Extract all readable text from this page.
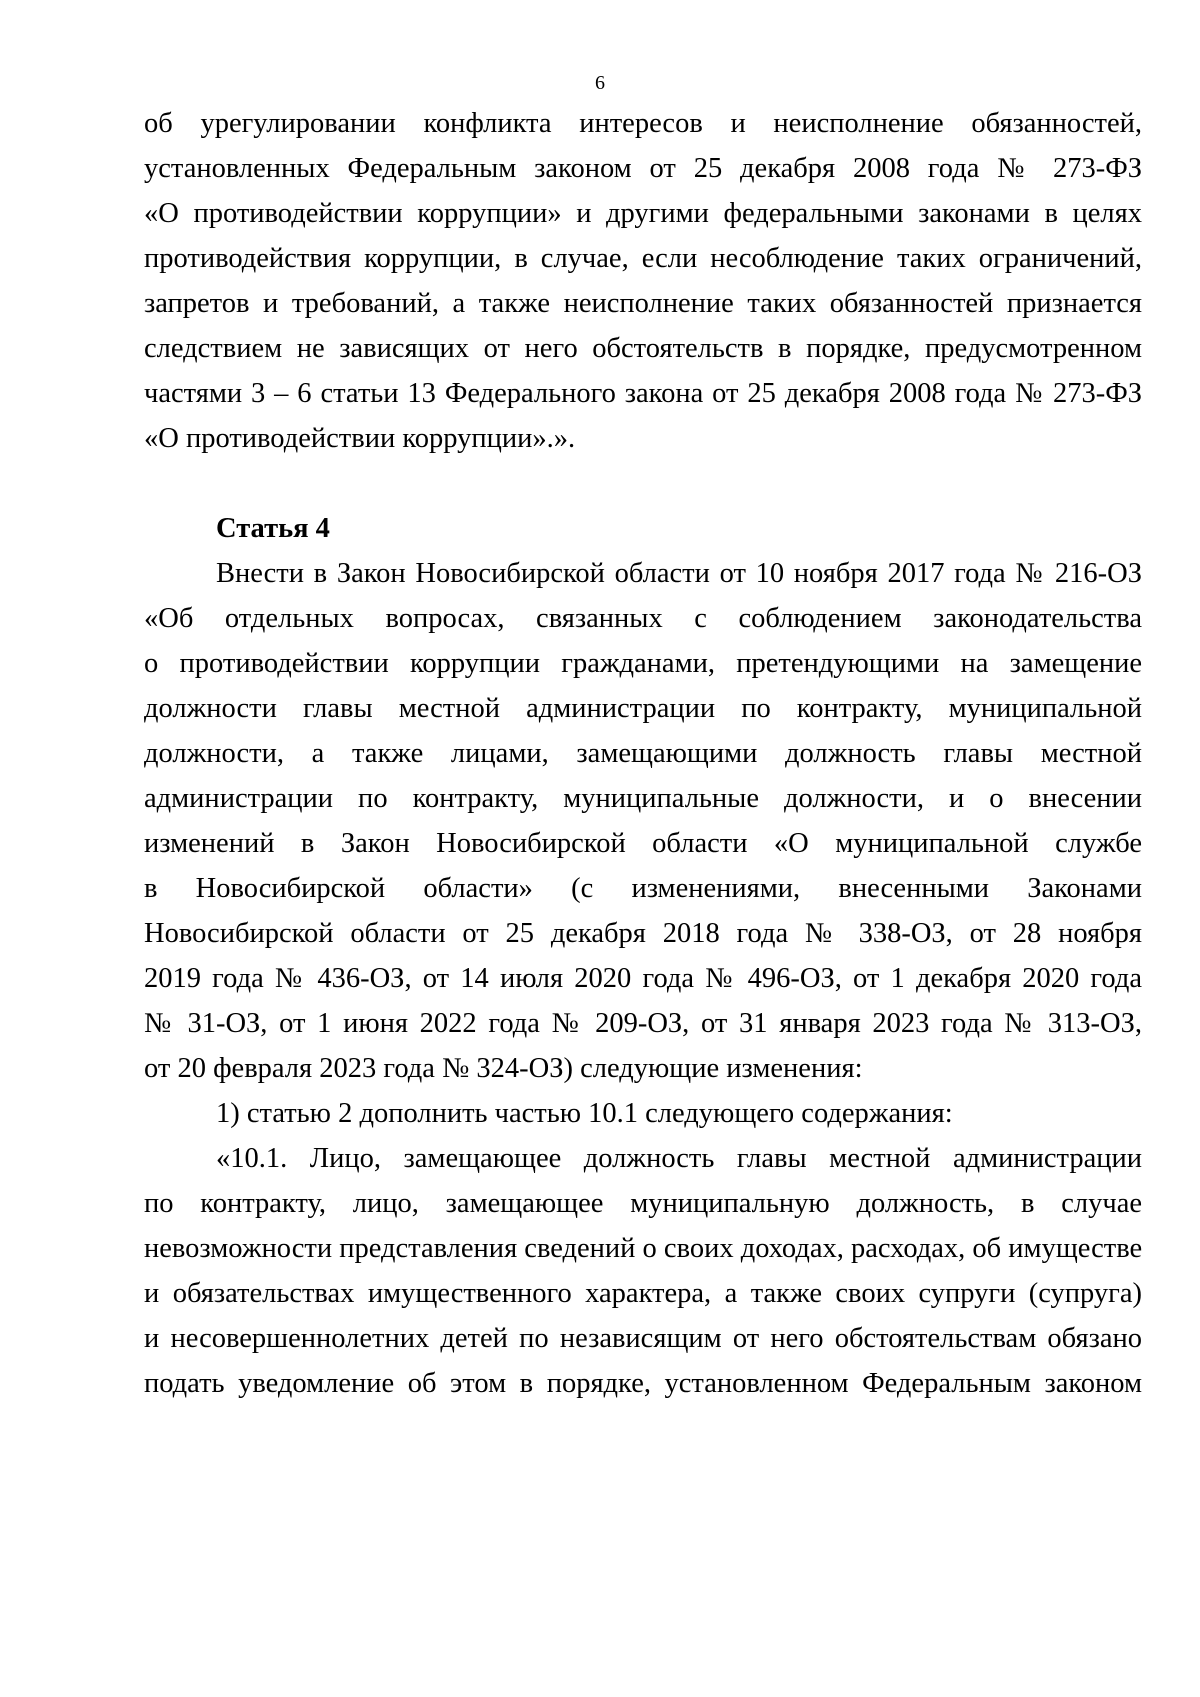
6
об урегулировании конфликта интересов и неисполнение обязанностей,
установленных Федеральным законом от 25 декабря 2008 года № 273-ФЗ
«О противодействии коррупции» и другими федеральными законами в целях
противодействия коррупции, в случае, если несоблюдение таких ограничений,
запретов и требований, а также неисполнение таких обязанностей признается
следствием не зависящих от него обстоятельств в порядке, предусмотренном
частями 3 – 6 статьи 13 Федерального закона от 25 декабря 2008 года № 273-ФЗ
«О противодействии коррупции».».
Статья 4
Внести в Закон Новосибирской области от 10 ноября 2017 года № 216-ОЗ
«Об отдельных вопросах, связанных с соблюдением законодательства
о противодействии коррупции гражданами, претендующими на замещение
должности главы местной администрации по контракту, муниципальной
должности, а также лицами, замещающими должность главы местной
администрации по контракту, муниципальные должности, и о внесении
изменений в Закон Новосибирской области «О муниципальной службе
в Новосибирской области» (с изменениями, внесенными Законами
Новосибирской области от 25 декабря 2018 года № 338-ОЗ, от 28 ноября
2019 года № 436-ОЗ, от 14 июля 2020 года № 496-ОЗ, от 1 декабря 2020 года
№ 31-ОЗ, от 1 июня 2022 года № 209-ОЗ, от 31 января 2023 года № 313-ОЗ,
от 20 февраля 2023 года № 324-ОЗ) следующие изменения:
1) статью 2 дополнить частью 10.1 следующего содержания:
«10.1. Лицо, замещающее должность главы местной администрации
по контракту, лицо, замещающее муниципальную должность, в случае
невозможности представления сведений о своих доходах, расходах, об имуществе
и обязательствах имущественного характера, а также своих супруги (супруга)
и несовершеннолетних детей по независящим от него обстоятельствам обязано
подать уведомление об этом в порядке, установленном Федеральным законом
